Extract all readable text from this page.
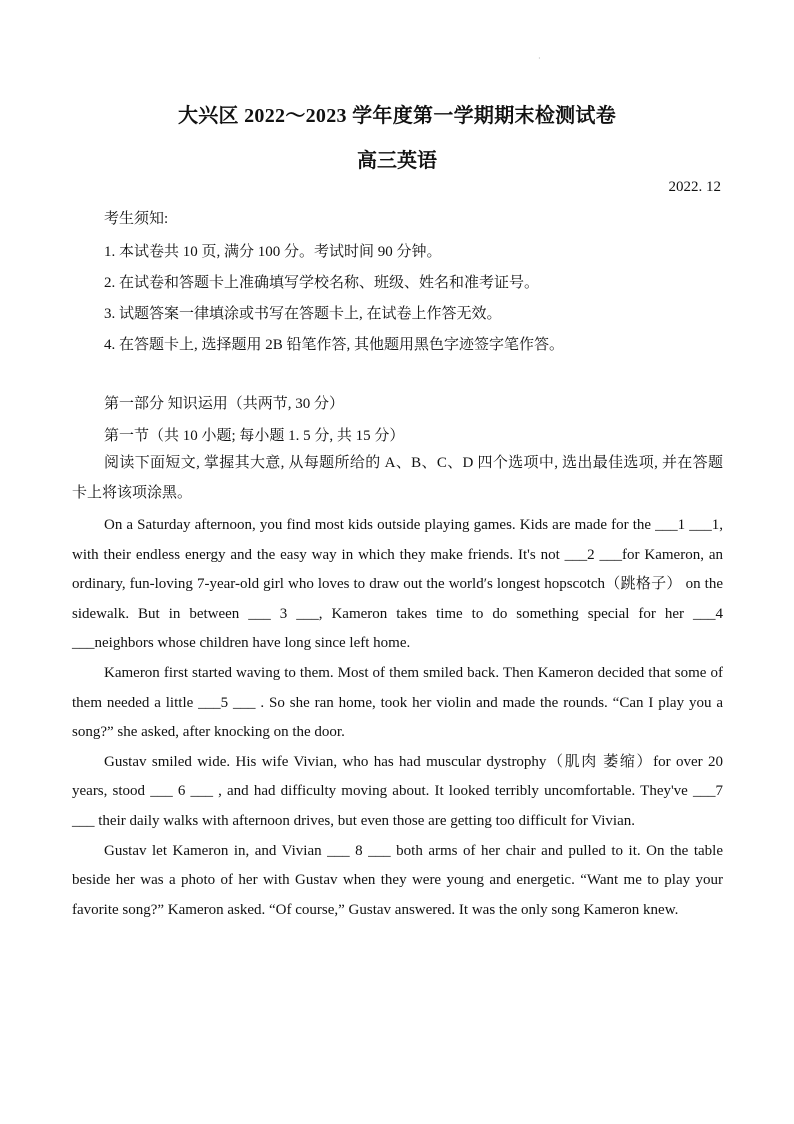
·
大兴区 2022～2023 学年度第一学期期末检测试卷
高三英语
2022. 12
考生须知:
1. 本试卷共 10 页, 满分 100 分。考试时间 90 分钟。
2. 在试卷和答题卡上准确填写学校名称、班级、姓名和准考证号。
3. 试题答案一律填涂或书写在答题卡上, 在试卷上作答无效。
4. 在答题卡上, 选择题用 2B 铅笔作答, 其他题用黑色字迹签字笔作答。
第一部分 知识运用（共两节, 30 分）
第一节（共 10 小题; 每小题 1. 5 分, 共 15 分）

阅读下面短文, 掌握其大意, 从每题所给的 A、B、C、D 四个选项中, 选出最佳选项, 并在答题卡上将该项涂黑。

On a Saturday afternoon, you find most kids outside playing games. Kids are made for the ___1 ___1, with their endless energy and the easy way in which they make friends. It's not ___2 ___for Kameron, an ordinary, fun-loving 7-year-old girl who loves to draw out the world′s longest hopscotch（跳格子） on the sidewalk. But in between ___ 3 ___, Kameron takes time to do something special for her ___4 ___neighbors whose children have long since left home.

Kameron first started waving to them. Most of them smiled back. Then Kameron decided that some of them needed a little ___5 ___ . So she ran home, took her violin and made the rounds. “Can I play you a song?” she asked, after knocking on the door.

Gustav smiled wide. His wife Vivian, who has had muscular dystrophy（肌肉 萎缩）for over 20 years, stood ___ 6 ___ , and had difficulty moving about. It looked terribly uncomfortable. They've ___7 ___ their daily walks with afternoon drives, but even those are getting too difficult for Vivian.

Gustav let Kameron in, and Vivian ___ 8 ___ both arms of her chair and pulled to it. On the table beside her was a photo of her with Gustav when they were young and energetic. “Want me to play your favorite song?” Kameron asked. “Of course,” Gustav answered. It was the only song Kameron knew.
